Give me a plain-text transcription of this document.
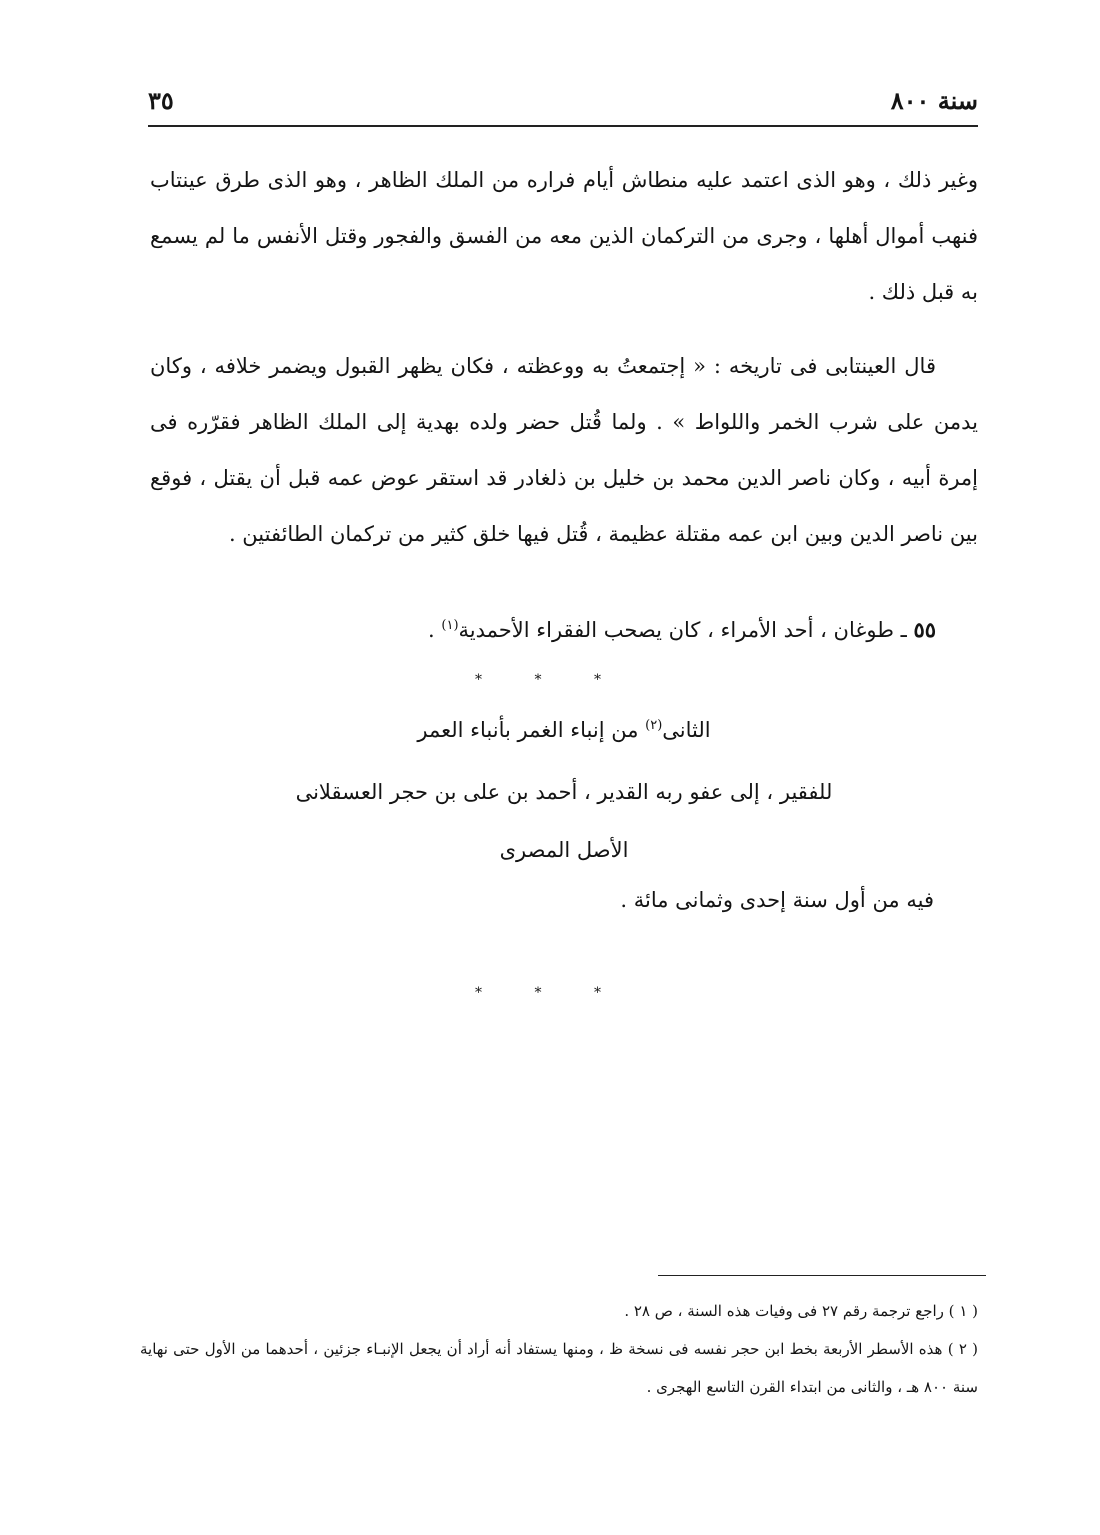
سنة ٨٠٠
٣٥

وغير ذلك ، وهو الذى اعتمد عليه منطاش أيام فراره من الملك الظاهر ، وهو الذى طرق عينتاب فنهب أموال أهلها ، وجرى من التركمان الذين معه من الفسق والفجور وقتل الأنفس ما لم يسمع به قبل ذلك .

قال العينتابى فى تاريخه : « إجتمعتُ به ووعظته ، فكان يظهر القبول ويضمر خلافه ، وكان يدمن على شرب الخمر واللواط » . ولما قُتل حضر ولده بهدية إلى الملك الظاهر فقرّره فى إمرة أبيه ، وكان ناصر الدين محمد بن خليل بن ذلغادر قد استقر عوض عمه قبل أن يقتل ، فوقع بين ناصر الدين وبين ابن عمه مقتلة عظيمة ، قُتل فيها خلق كثير من تركمان الطائفتين .

٥٥ ـ طوغان ، أحد الأمراء ، كان يصحب الفقراء الأحمدية$^{(١)}$ .
* * *
الثانى$^{(٢)}$ من إنباء الغمر بأنباء العمر
للفقير ، إلى عفو ربه القدير ، أحمد بن على بن حجر العسقلانى
الأصل المصرى
فيه من أول سنة إحدى وثمانى مائة .
* * *

( ١ ) راجع ترجمة رقم ٢٧ فى وفيات هذه السنة ، ص ٢٨ .

( ٢ ) هذه الأسطر الأربعة بخط ابن حجر نفسه فى نسخة ظ ، ومنها يستفاد أنه أراد أن يجعل الإنبـاء جزئين ، أحدهما من الأول حتى نهاية سنة ٨٠٠ هـ ، والثانى من ابتداء القرن التاسع الهجرى .
